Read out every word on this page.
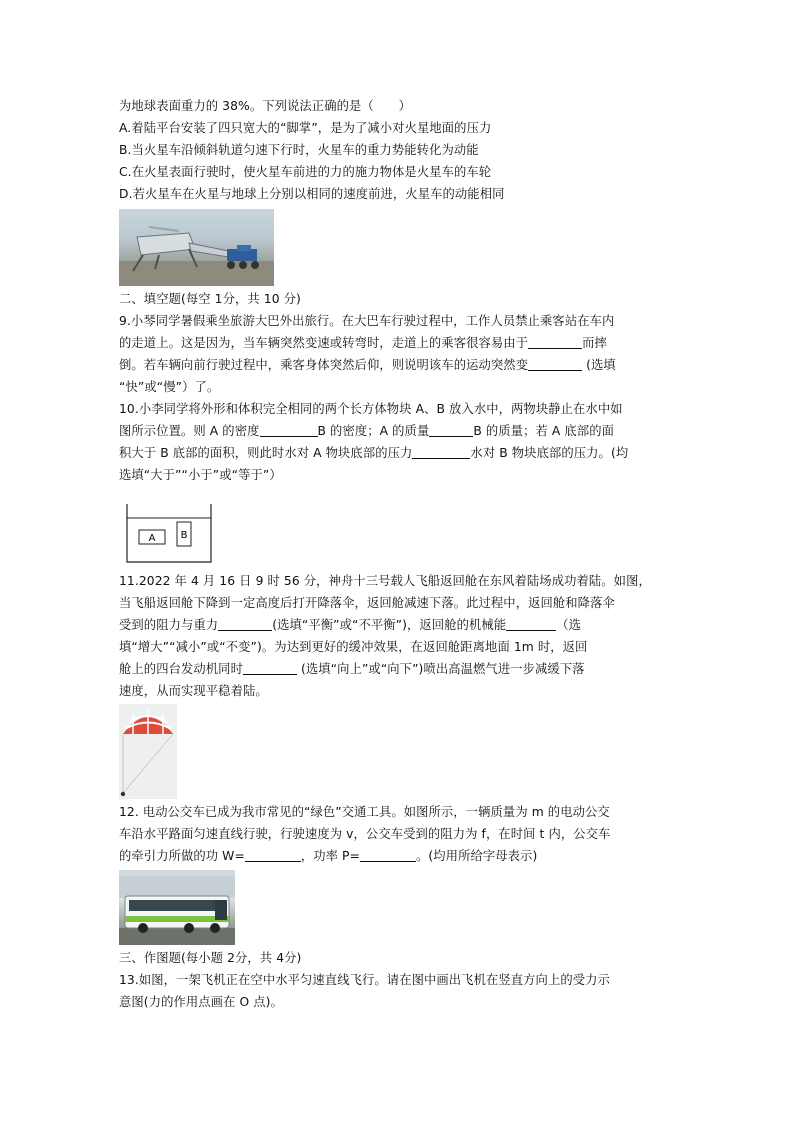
为地球表面重力的 38%。下列说法正确的是（　　）
A.着陆平台安装了四只宽大的“脚掌”，是为了减小对火星地面的压力
B.当火星车沿倾斜轨道匀速下行时，火星车的重力势能转化为动能
C.在火星表面行驶时，使火星车前进的力的施力物体是火星车的车轮
D.若火星车在火星与地球上分别以相同的速度前进，火星车的动能相同
二、填空题(每空 1分，共 10 分)
9.小琴同学暑假乘坐旅游大巴外出旅行。在大巴车行驶过程中，工作人员禁止乘客站在车内
的走道上。这是因为，当车辆突然变速或转弯时，走道上的乘客很容易由于	而摔
倒。若车辆向前行驶过程中，乘客身体突然后仰，则说明该车的运动突然变	(选填
“快”或“慢”）了。
10.小李同学将外形和体积完全相同的两个长方体物块 A、B 放入水中，两物块静止在水中如
图所示位置。则 A 的密度	B 的密度；A 的质量	B 的质量；若 A 底部的面
积大于 B 底部的面积，则此时水对 A 物块底部的压力	水对 B 物块底部的压力。(均
选填“大于”“小于”或“等于”）
A	B
11.2022 年 4 月 16 日 9 时 56 分，神舟十三号载人飞船返回舱在东风着陆场成功着陆。如图，
当飞船返回舱下降到一定高度后打开降落伞，返回舱减速下落。此过程中，返回舱和降落伞
受到的阻力与重力	(选填“平衡”或“不平衡”)，返回舱的机械能	（选
填“增大”“减小”或“不变”)。为达到更好的缓冲效果，在返回舱距离地面 1m 时，返回
舱上的四台发动机同时	(选填“向上”或“向下”)喷出高温燃气进一步减缓下落
速度，从而实现平稳着陆。
12. 电动公交车已成为我市常见的“绿色”交通工具。如图所示，一辆质量为 m 的电动公交
车沿水平路面匀速直线行驶，行驶速度为 v，公交车受到的阻力为 f，在时间 t 内，公交车
的牵引力所做的功 W=	，功率 P=	。(均用所给字母表示)
三、作图题(每小题 2分，共 4分)
13.如图，一架飞机正在空中水平匀速直线飞行。请在图中画出飞机在竖直方向上的受力示
意图(力的作用点画在 O 点)。
